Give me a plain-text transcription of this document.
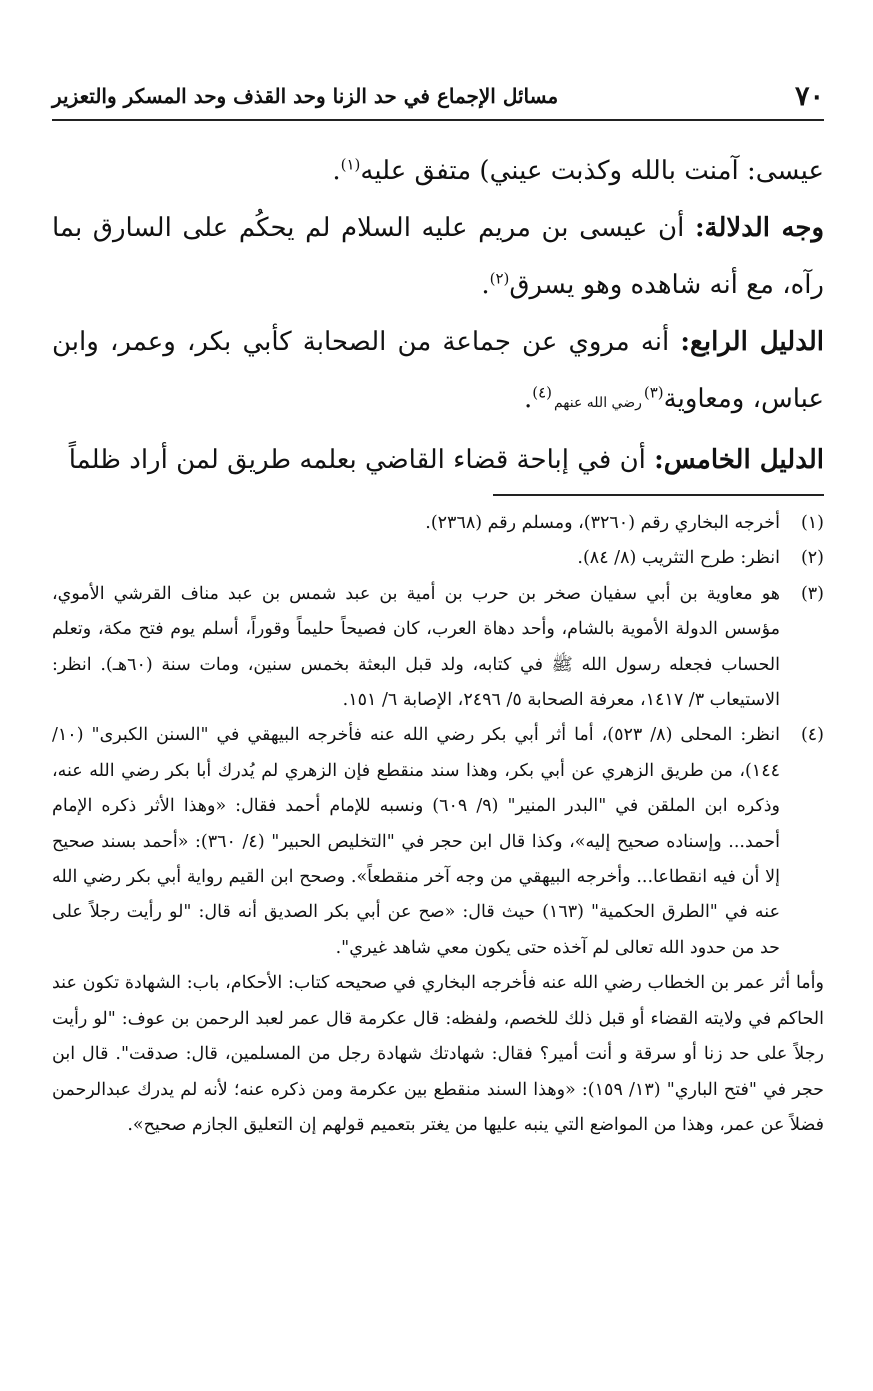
٧٠
مسائل الإجماع في حد الزنا وحد القذف وحد المسكر والتعزير

عيسى: آمنت بالله وكذبت عيني) متفق عليه$^{(١)}$.

وجه الدلالة: أن عيسى بن مريم عليه السلام لم يحكُم على السارق بما رآه، مع أنه شاهده وهو يسرق$^{(٢)}$.

الدليل الرابع: أنه مروي عن جماعة من الصحابة كأبي بكر، وعمر، وابن عباس، ومعاوية$^{(٣)}$رضي الله عنهم$^{(٤)}$.

الدليل الخامس: أن في إباحة قضاء القاضي بعلمه طريق لمن أراد ظلماً

(١)

أخرجه البخاري رقم (٣٢٦٠)، ومسلم رقم (٢٣٦٨).

(٢)

انظر: طرح التثريب (٨/ ٨٤).

(٣)

هو معاوية بن أبي سفيان صخر بن حرب بن أمية بن عبد شمس بن عبد مناف القرشي الأموي، مؤسس الدولة الأموية بالشام، وأحد دهاة العرب، كان فصيحاً حليماً وقوراً، أسلم يوم فتح مكة، وتعلم الحساب فجعله رسول الله ﷺ في كتابه، ولد قبل البعثة بخمس سنين، ومات سنة (٦٠هـ). انظر: الاستيعاب ٣/ ١٤١٧، معرفة الصحابة ٥/ ٢٤٩٦، الإصابة ٦/ ١٥١.

(٤)

انظر: المحلى (٨/ ٥٢٣)، أما أثر أبي بكر رضي الله عنه فأخرجه البيهقي في "السنن الكبرى" (١٠/ ١٤٤)، من طريق الزهري عن أبي بكر، وهذا سند منقطع فإن الزهري لم يُدرك أبا بكر رضي الله عنه، وذكره ابن الملقن في "البدر المنير" (٩/ ٦٠٩) ونسبه للإمام أحمد فقال: «وهذا الأثر ذكره الإمام أحمد... وإسناده صحيح إليه»، وكذا قال ابن حجر في "التخليص الحبير" (٤/ ٣٦٠): «أحمد بسند صحيح إلا أن فيه انقطاعا... وأخرجه البيهقي من وجه آخر منقطعاً». وصحح ابن القيم رواية أبي بكر رضي الله عنه في "الطرق الحكمية" (١٦٣) حيث قال: «صح عن أبي بكر الصديق أنه قال: "لو رأيت رجلاً على حد من حدود الله تعالى لم آخذه حتى يكون معي شاهد غيري".

وأما أثر عمر بن الخطاب رضي الله عنه فأخرجه البخاري في صحيحه كتاب: الأحكام، باب: الشهادة تكون عند الحاكم في ولايته القضاء أو قبل ذلك للخصم، ولفظه: قال عكرمة قال عمر لعبد الرحمن بن عوف: "لو رأيت رجلاً على حد زنا أو سرقة و أنت أمير؟ فقال: شهادتك شهادة رجل من المسلمين، قال: صدقت". قال ابن حجر في "فتح الباري" (١٣/ ١٥٩): «وهذا السند منقطع بين عكرمة ومن ذكره عنه؛ لأنه لم يدرك عبدالرحمن فضلاً عن عمر، وهذا من المواضع التي ينبه عليها من يغتر بتعميم قولهم إن التعليق الجازم صحيح».
